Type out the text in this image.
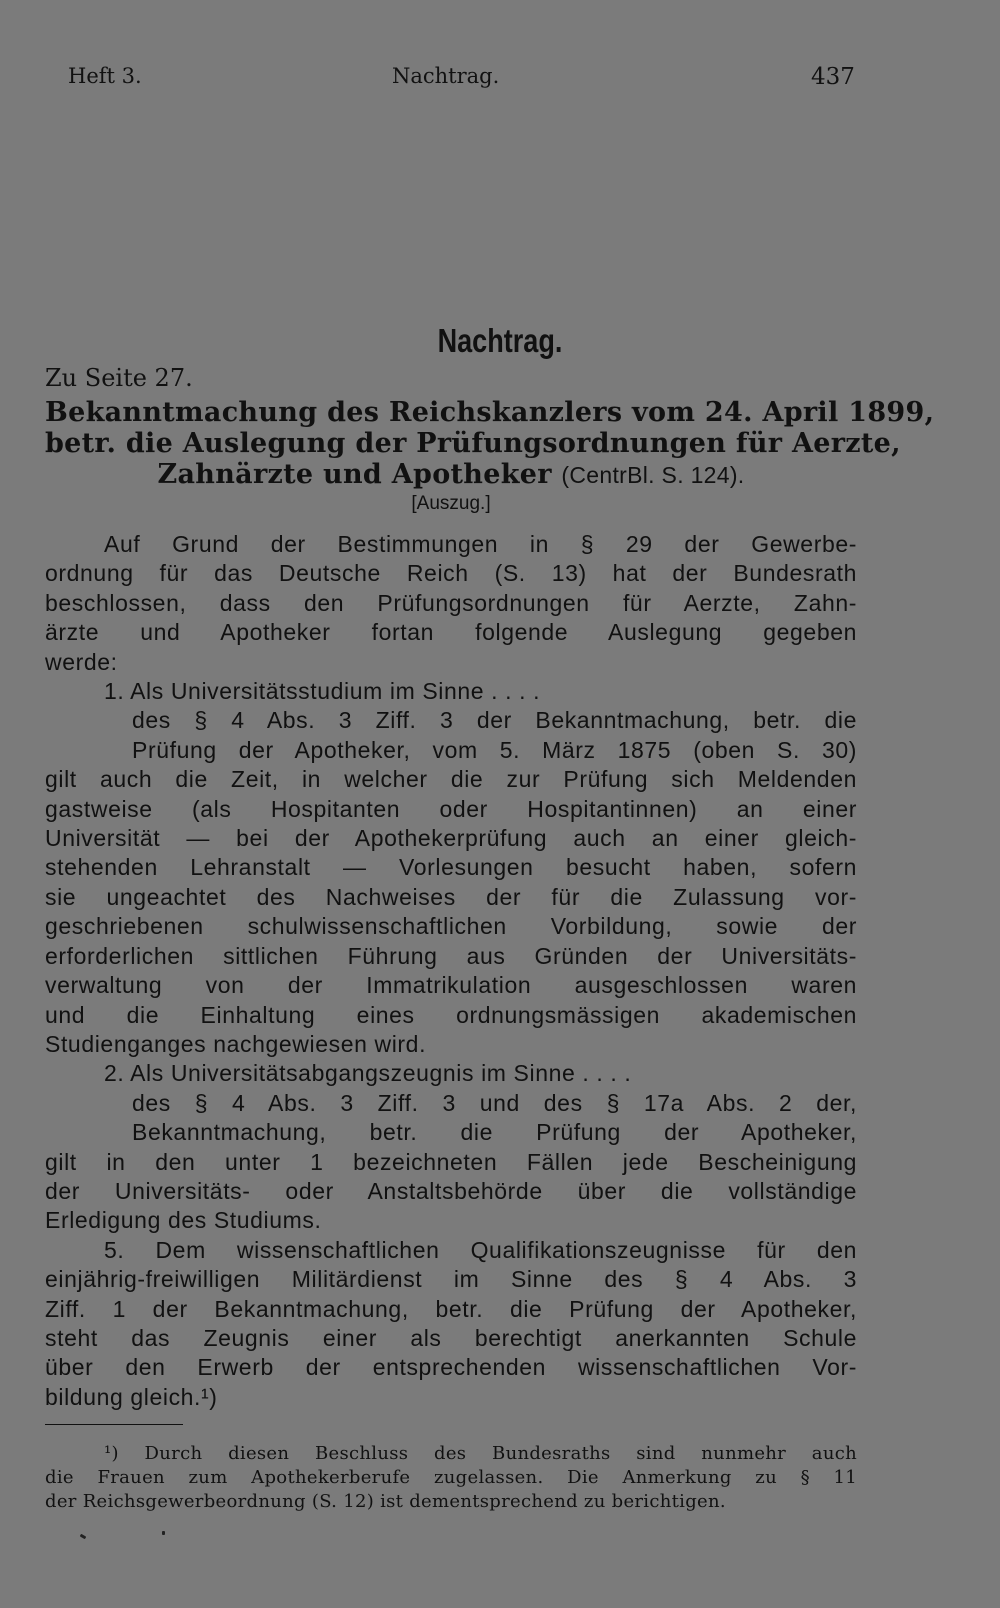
Heft 3.	Nachtrag.	437
Nachtrag.
Zu Seite 27.
Bekanntmachung des Reichskanzlers vom 24. April 1899,
betr. die Auslegung der Prüfungsordnungen für Aerzte,
Zahnärzte und Apotheker (CentrBl. S. 124).
[Auszug.]
Auf Grund der Bestimmungen in § 29 der Gewerbe-
ordnung für das Deutsche Reich (S. 13) hat der Bundesrath
beschlossen, dass den Prüfungsordnungen für Aerzte, Zahn-
ärzte und Apotheker fortan folgende Auslegung gegeben
werde:
1. Als Universitätsstudium im Sinne . . . .
des § 4 Abs. 3 Ziff. 3 der Bekanntmachung, betr. die
Prüfung der Apotheker, vom 5. März 1875 (oben S. 30)
gilt auch die Zeit, in welcher die zur Prüfung sich Meldenden
gastweise (als Hospitanten oder Hospitantinnen) an einer
Universität — bei der Apothekerprüfung auch an einer gleich-
stehenden Lehranstalt — Vorlesungen besucht haben, sofern
sie ungeachtet des Nachweises der für die Zulassung vor-
geschriebenen schulwissenschaftlichen Vorbildung, sowie der
erforderlichen sittlichen Führung aus Gründen der Universitäts-
verwaltung von der Immatrikulation ausgeschlossen waren
und die Einhaltung eines ordnungsmässigen akademischen
Studienganges nachgewiesen wird.
2. Als Universitätsabgangszeugnis im Sinne . . . .
des § 4 Abs. 3 Ziff. 3 und des § 17a Abs. 2 der,
Bekanntmachung, betr. die Prüfung der Apotheker,
gilt in den unter 1 bezeichneten Fällen jede Bescheinigung
der Universitäts- oder Anstaltsbehörde über die vollständige
Erledigung des Studiums.
5. Dem wissenschaftlichen Qualifikationszeugnisse für den
einjährig-freiwilligen Militärdienst im Sinne des § 4 Abs. 3
Ziff. 1 der Bekanntmachung, betr. die Prüfung der Apotheker,
steht das Zeugnis einer als berechtigt anerkannten Schule
über den Erwerb der entsprechenden wissenschaftlichen Vor-
bildung gleich.¹)
¹) Durch diesen Beschluss des Bundesraths sind nunmehr auch
die Frauen zum Apothekerberufe zugelassen. Die Anmerkung zu § 11
der Reichsgewerbeordnung (S. 12) ist dementsprechend zu berichtigen.
